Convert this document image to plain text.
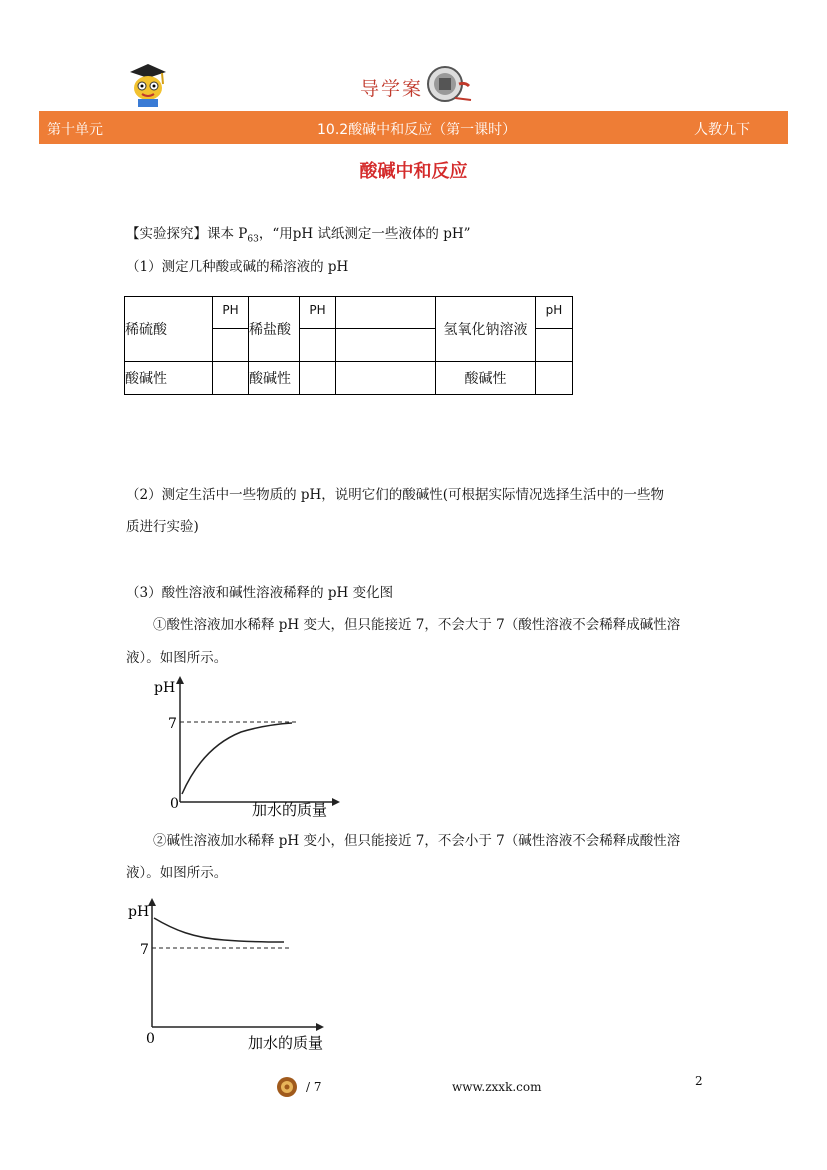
导学案
第十单元	10.2酸碱中和反应（第一课时）	人教九下
酸碱中和反应
【实验探究】课本 $P_{63}$，“用pH 试纸测定一些液体的 pH”
（1）测定几种酸或碱的稀溶液的 pH
稀硫酸	PH	稀盐酸	PH		氢氧化钠溶液	pH

酸碱性		酸碱性			酸碱性	
（2）测定生活中一些物质的 pH，说明它们的酸碱性(可根据实际情况选择生活中的一些物
质进行实验)
（3）酸性溶液和碱性溶液稀释的 pH 变化图
①酸性溶液加水稀释 pH 变大，但只能接近 7，不会大于 7（酸性溶液不会稀释成碱性溶
液）。如图所示。
pH
7
0	加水的质量
②碱性溶液加水稀释 pH 变小，但只能接近 7，不会小于 7（碱性溶液不会稀释成酸性溶
液）。如图所示。
pH
7
0	加水的质量
/ 7	www.zxxk.com	2
